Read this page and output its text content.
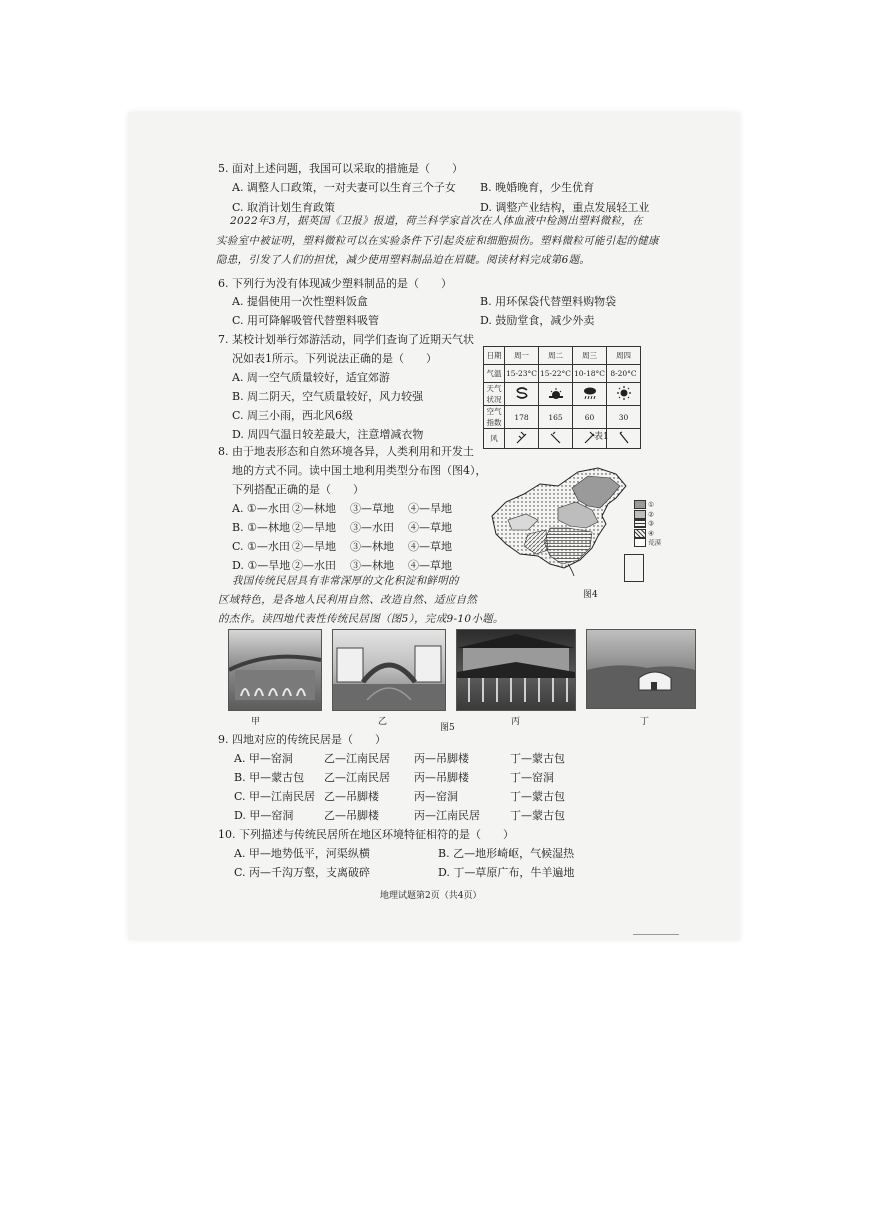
5. 面对上述问题，我国可以采取的措施是（　　）
A. 调整人口政策，一对夫妻可以生育三个子女 B. 晚婚晚育，少生优育
C. 取消计划生育政策	D. 调整产业结构，重点发展轻工业
2022年3月，据英国《卫报》报道，荷兰科学家首次在人体血液中检测出塑料微粒，在
实验室中被证明，塑料微粒可以在实验条件下引起炎症和细胞损伤。塑料微粒可能引起的健康
隐患，引发了人们的担忧，减少使用塑料制品迫在眉睫。阅读材料完成第6题。
6. 下列行为没有体现减少塑料制品的是（　　）
A. 提倡使用一次性塑料饭盒	B. 用环保袋代替塑料购物袋
C. 用可降解吸管代替塑料吸管	D. 鼓励堂食，减少外卖
7. 某校计划举行郊游活动，同学们查询了近期天气状
况如表1所示。下列说法正确的是（　　）
A. 周一空气质量较好，适宜郊游
B. 周二阴天，空气质量较好，风力较强
C. 周三小雨，西北风6级
D. 周四气温日较差最大，注意增减衣物
日期	周一	周二	周三	周四
气温	15-23°C	15-22°C	10-18°C	8-20°C
天气状况				
空气指数	178	165	60	30
风					表1
8. 由于地表形态和自然环境各异，人类利用和开发土
地的方式不同。读中国土地利用类型分布图（图4），
下列搭配正确的是（　　）
A. ①—水田 ②—林地 ③—草地 ④—旱地
B. ①—林地 ②—旱地 ③—水田 ④—草地
C. ①—水田 ②—旱地 ③—林地 ④—草地
D. ①—旱地 ②—水田 ③—林地 ④—草地
①
②
③
④
荒漠
图4
我国传统民居具有非常深厚的文化积淀和鲜明的
区域特色，是各地人民利用自然、改造自然、适应自然
的杰作。读四地代表性传统民居图（图5），完成9-10小题。
甲	乙
图5
丙	丁
9. 四地对应的传统民居是（　　）
A. 甲—窑洞	乙—江南民居 丙—吊脚楼	丁—蒙古包
B. 甲—蒙古包 乙—江南民居 丙—吊脚楼	丁—窑洞
C. 甲—江南民居 乙—吊脚楼	丙—窑洞	丁—蒙古包
D. 甲—窑洞	乙—吊脚楼	丙—江南民居	丁—蒙古包
10. 下列描述与传统民居所在地区环境特征相符的是（　　）
A. 甲—地势低平，河渠纵横	B. 乙—地形崎岖，气候湿热
C. 丙—千沟万壑，支离破碎	D. 丁—草原广布，牛羊遍地
地理试题第2页（共4页）
